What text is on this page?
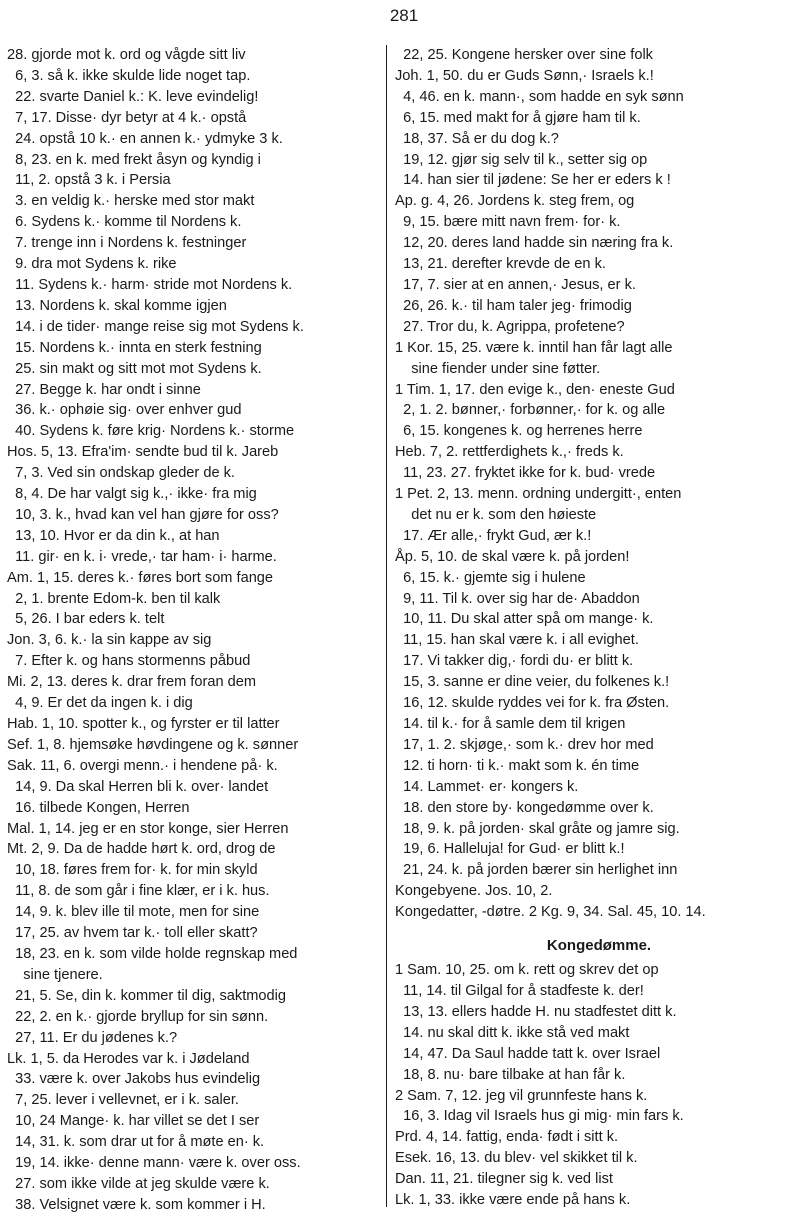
281
28. gjorde mot k. ord og vågde sitt liv
6, 3. så k. ikke skulde lide noget tap.
22. svarte Daniel k.: K. leve evindelig!
7, 17. Disse· dyr betyr at 4 k.· opstå
24. opstå 10 k.· en annen k.· ydmyke 3 k.
8, 23. en k. med frekt åsyn og kyndig i
11, 2. opstå 3 k. i Persia
3. en veldig k.· herske med stor makt
6. Sydens k.· komme til Nordens k.
7. trenge inn i Nordens k. festninger
9. dra mot Sydens k. rike
11. Sydens k.· harm· stride mot Nordens k.
13. Nordens k. skal komme igjen
14. i de tider· mange reise sig mot Sydens k.
15. Nordens k.· innta en sterk festning
25. sin makt og sitt mot mot Sydens k.
27. Begge k. har ondt i sinne
36. k.· ophøie sig· over enhver gud
40. Sydens k. føre krig· Nordens k.· storme
Hos. 5, 13. Efra'im· sendte bud til k. Jareb
7, 3. Ved sin ondskap gleder de k.
8, 4. De har valgt sig k.,· ikke· fra mig
10, 3. k., hvad kan vel han gjøre for oss?
13, 10. Hvor er da din k., at han
11. gir· en k. i· vrede,· tar ham· i· harme.
Am. 1, 15. deres k.· føres bort som fange
2, 1. brente Edom-k. ben til kalk
5, 26. I bar eders k. telt
Jon. 3, 6. k.· la sin kappe av sig
7. Efter k. og hans stormenns påbud
Mi. 2, 13. deres k. drar frem foran dem
4, 9. Er det da ingen k. i dig
Hab. 1, 10. spotter k., og fyrster er til latter
Sef. 1, 8. hjemsøke høvdingene og k. sønner
Sak. 11, 6. overgi menn.· i hendene på· k.
14, 9. Da skal Herren bli k. over· landet
16. tilbede Kongen, Herren
Mal. 1, 14. jeg er en stor konge, sier Herren
Mt. 2, 9. Da de hadde hørt k. ord, drog de
10, 18. føres frem for· k. for min skyld
11, 8. de som går i fine klær, er i k. hus.
14, 9. k. blev ille til mote, men for sine
17, 25. av hvem tar k.· toll eller skatt?
18, 23. en k. som vilde holde regnskap med
sine tjenere.
21, 5. Se, din k. kommer til dig, saktmodig
22, 2. en k.· gjorde bryllup for sin sønn.
27, 11. Er du jødenes k.?
Lk. 1, 5. da Herodes var k. i Jødeland
33. være k. over Jakobs hus evindelig
7, 25. lever i vellevnet, er i k. saler.
10, 24 Mange· k. har villet se det I ser
14, 31. k. som drar ut for å møte en· k.
19, 14. ikke· denne mann· være k. over oss.
27. som ikke vilde at jeg skulde være k.
38. Velsignet være k. som kommer i H.
22, 25. Kongene hersker over sine folk
Joh. 1, 50. du er Guds Sønn,· Israels k.!
4, 46. en k. mann·, som hadde en syk sønn
6, 15. med makt for å gjøre ham til k.
18, 37. Så er du dog k.?
19, 12. gjør sig selv til k., setter sig op
14. han sier til jødene: Se her er eders k !
Ap. g. 4, 26. Jordens k. steg frem, og
9, 15. bære mitt navn frem· for· k.
12, 20. deres land hadde sin næring fra k.
13, 21. derefter krevde de en k.
17, 7. sier at en annen,· Jesus, er k.
26, 26. k.· til ham taler jeg· frimodig
27. Tror du, k. Agrippa, profetene?
1 Kor. 15, 25. være k. inntil han får lagt alle
sine fiender under sine føtter.
1 Tim. 1, 17. den evige k., den· eneste Gud
2, 1. 2. bønner,· forbønner,· for k. og alle
6, 15. kongenes k. og herrenes herre
Heb. 7, 2. rettferdighets k.,· freds k.
11, 23. 27. fryktet ikke for k. bud· vrede
1 Pet. 2, 13. menn. ordning undergitt·, enten
det nu er k. som den høieste
17. Ær alle,· frykt Gud, ær k.!
Åp. 5, 10. de skal være k. på jorden!
6, 15. k.· gjemte sig i hulene
9, 11. Til k. over sig har de· Abaddon
10, 11. Du skal atter spå om mange· k.
11, 15. han skal være k. i all evighet.
17. Vi takker dig,· fordi du· er blitt k.
15, 3. sanne er dine veier, du folkenes k.!
16, 12. skulde ryddes vei for k. fra Østen.
14. til k.· for å samle dem til krigen
17, 1. 2. skjøge,· som k.· drev hor med
12. ti horn· ti k.· makt som k. én time
14. Lammet· er· kongers k.
18. den store by· kongedømme over k.
18, 9. k. på jorden· skal gråte og jamre sig.
19, 6. Halleluja! for Gud· er blitt k.!
21, 24. k. på jorden bærer sin herlighet inn
Kongebyene. Jos. 10, 2.
Kongedatter, -døtre. 2 Kg. 9, 34. Sal. 45, 10. 14.
Kongedømme.
1 Sam. 10, 25. om k. rett og skrev det op
11, 14. til Gilgal for å stadfeste k. der!
13, 13. ellers hadde H. nu stadfestet ditt k.
14. nu skal ditt k. ikke stå ved makt
14, 47. Da Saul hadde tatt k. over Israel
18, 8. nu· bare tilbake at han får k.
2 Sam. 7, 12. jeg vil grunnfeste hans k.
16, 3. Idag vil Israels hus gi mig· min fars k.
Prd. 4, 14. fattig, enda· født i sitt k.
Esek. 16, 13. du blev· vel skikket til k.
Dan. 11, 21. tilegner sig k. ved list
Lk. 1, 33. ikke være ende på hans k.
